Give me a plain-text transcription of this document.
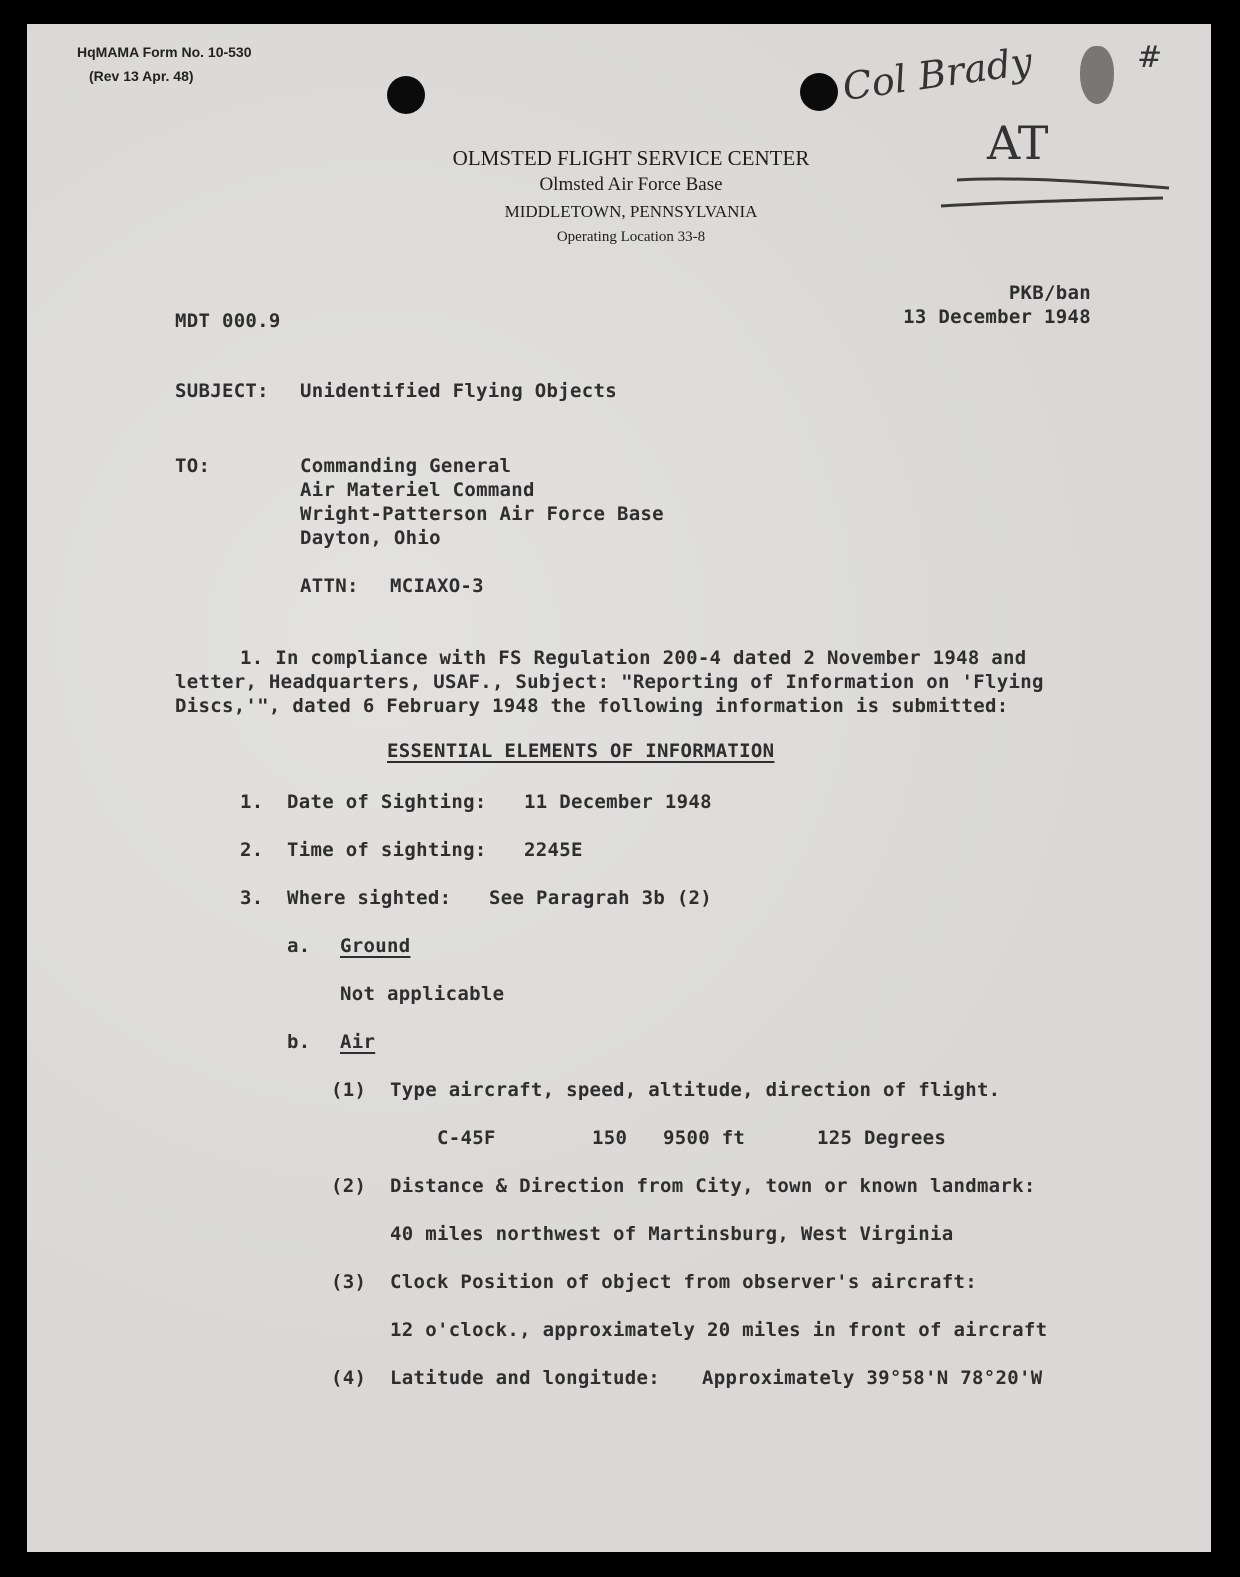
HqMAMA Form No. 10-530
(Rev 13 Apr. 48)	Col Brady	#
AT
OLMSTED FLIGHT SERVICE CENTER
Olmsted Air Force Base
MIDDLETOWN, PENNSYLVANIA
Operating Location 33-8
MDT 000.9
PKB/ban
13 December 1948
SUBJECT: Unidentified Flying Objects
TO:	Commanding General
Air Materiel Command
Wright-Patterson Air Force Base
Dayton, Ohio
ATTN: MCIAXO-3
1. In compliance with FS Regulation 200-4 dated 2 November 1948 and
letter, Headquarters, USAF., Subject: "Reporting of Information on 'Flying
Discs,'", dated 6 February 1948 the following information is submitted:
ESSENTIAL ELEMENTS OF INFORMATION
1. Date of Sighting: 11 December 1948
2. Time of sighting: 2245E
3. Where sighted: See Paragrah 3b (2)
a. Ground
Not applicable
b. Air
(1) Type aircraft, speed, altitude, direction of flight.
C-45F	150 9500 ft	125 Degrees
(2) Distance & Direction from City, town or known landmark:
40 miles northwest of Martinsburg, West Virginia
(3) Clock Position of object from observer's aircraft:
12 o'clock., approximately 20 miles in front of aircraft
(4) Latitude and longitude: Approximately 39°58'N 78°20'W
